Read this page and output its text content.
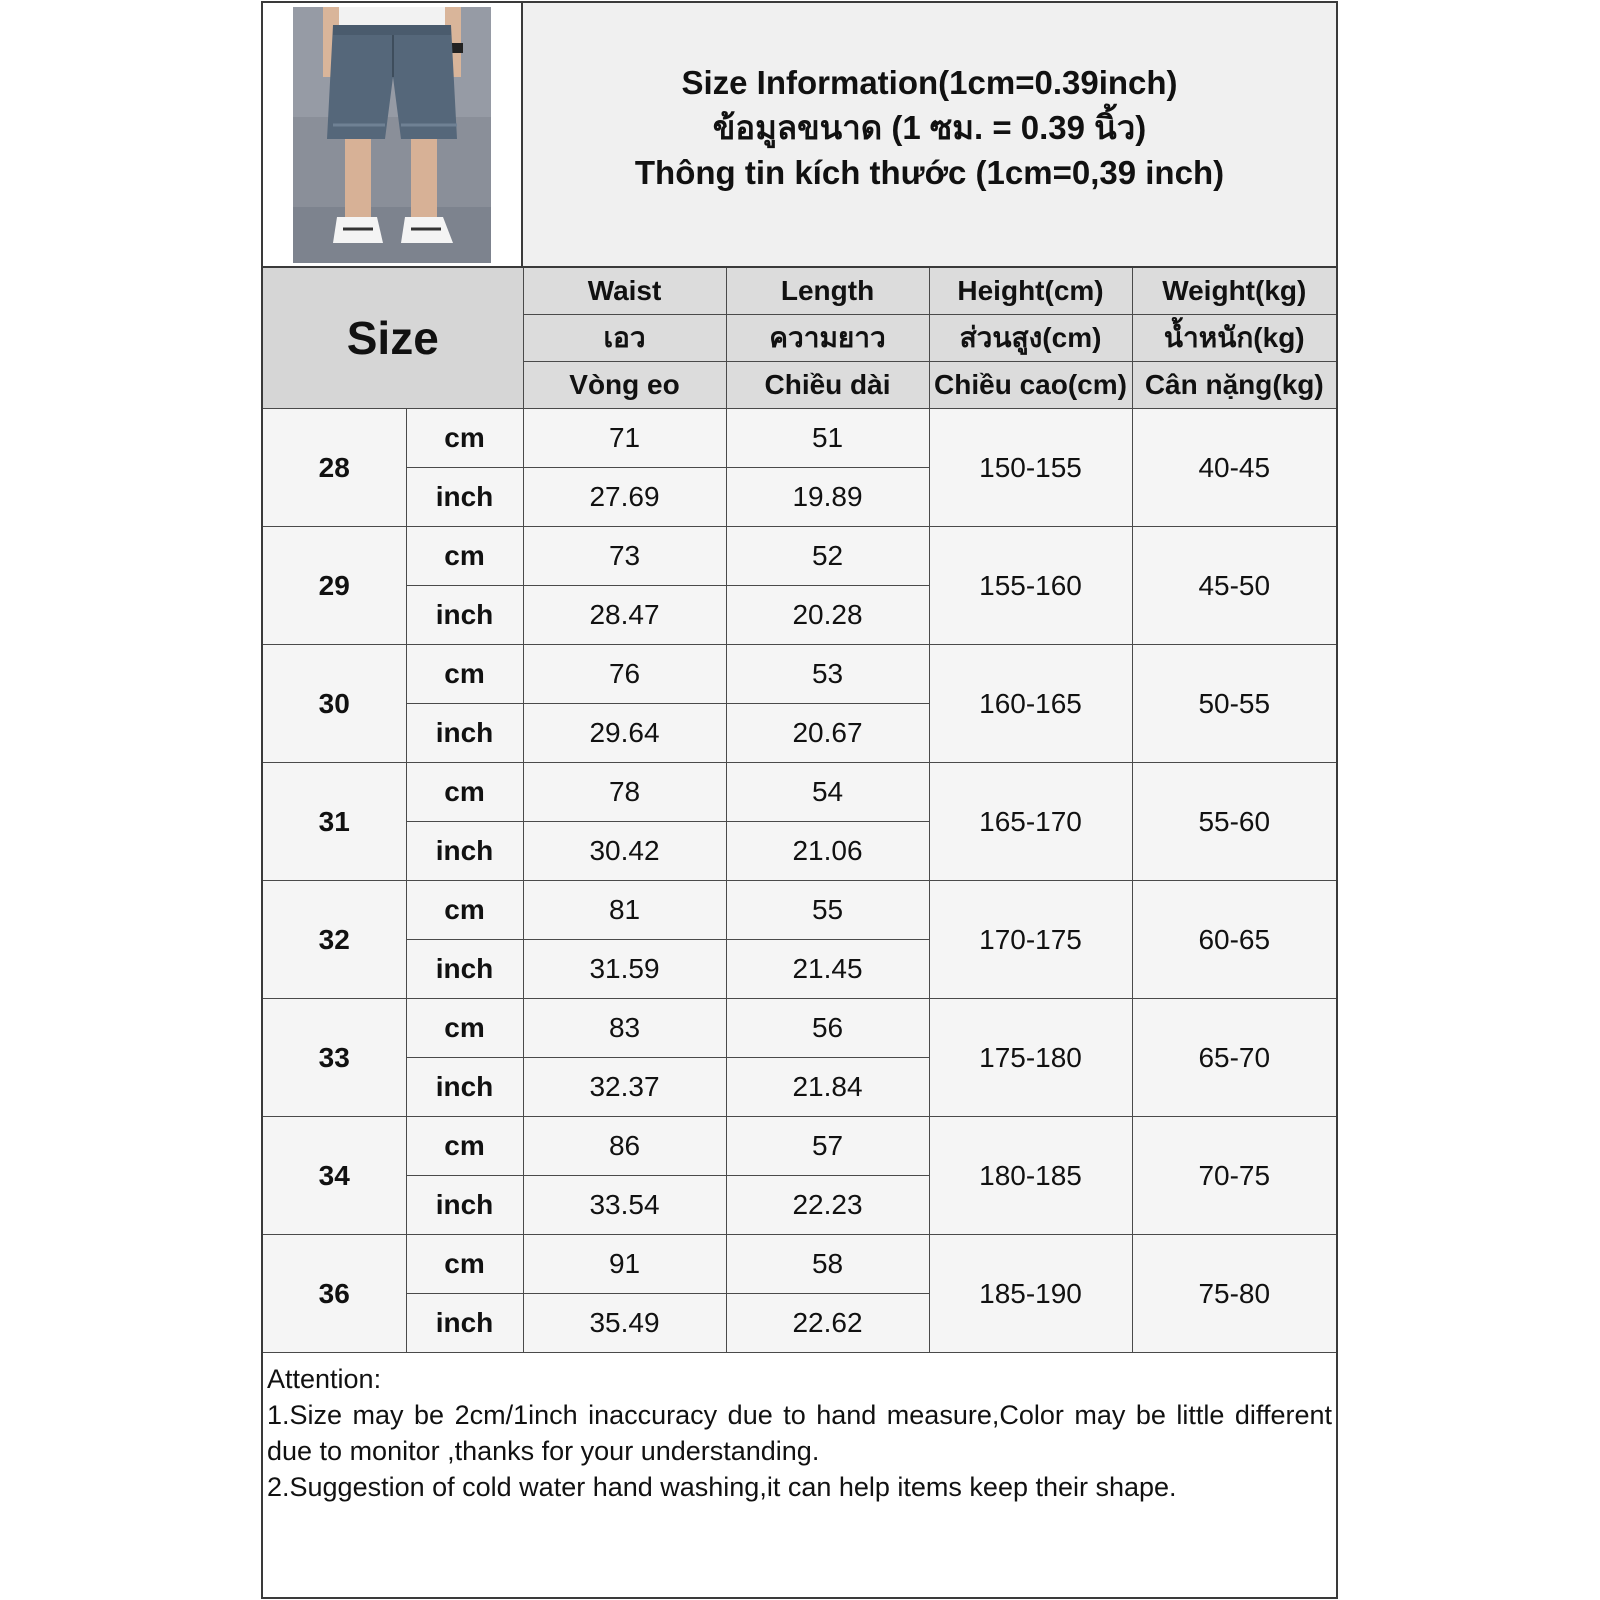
Size Information(1cm=0.39inch)
ข้อมูลขนาด (1 ซม. = 0.39 นิ้ว)
Thông tin kích thước (1cm=0,39 inch)
Size		Waist	Length	Height(cm)	Weight(kg)
		เอว	ความยาว	ส่วนสูง(cm)	น้ำหนัก(kg)
		Vòng eo	Chiều dài	Chiều cao(cm)	Cân nặng(kg)
28	cm	71	51	150-155	40-45
	inch	27.69	19.89		
29	cm	73	52	155-160	45-50
	inch	28.47	20.28		
30	cm	76	53	160-165	50-55
	inch	29.64	20.67		
31	cm	78	54	165-170	55-60
	inch	30.42	21.06		
32	cm	81	55	170-175	60-65
	inch	31.59	21.45		
33	cm	83	56	175-180	65-70
	inch	32.37	21.84		
34	cm	86	57	180-185	70-75
	inch	33.54	22.23		
36	cm	91	58	185-190	75-80
	inch	35.49	22.62		
Attention:
1.Size may be 2cm/1inch inaccuracy due to hand measure,Color may be little different due to monitor ,thanks for your understanding.
2.Suggestion of cold water hand washing,it can help items keep their shape.
